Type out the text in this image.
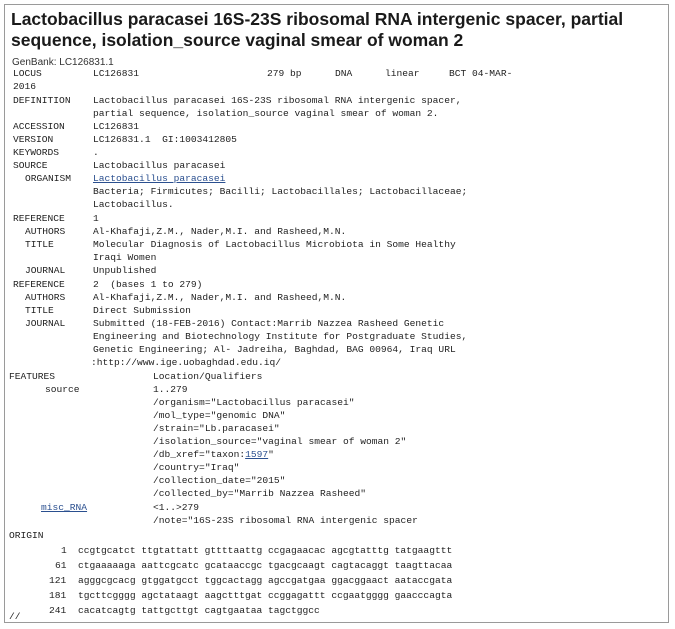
Lactobacillus paracasei 16S-23S ribosomal RNA intergenic spacer, partial sequence, isolation_source vaginal smear of woman 2
GenBank: LC126831.1
LOCUS	LC126831	279 bp	DNA	linear	BCT 04-MAR-
2016
DEFINITION Lactobacillus paracasei 16S-23S ribosomal RNA intergenic spacer,
partial sequence, isolation_source vaginal smear of woman 2.
ACCESSION	LC126831
VERSION	LC126831.1  GI:1003412805
KEYWORDS	.
SOURCE	Lactobacillus paracasei
ORGANISM Lactobacillus paracasei
Bacteria; Firmicutes; Bacilli; Lactobacillales; Lactobacillaceae;
Lactobacillus.
REFERENCE	1
AUTHORS	Al-Khafaji,Z.M., Nader,M.I. and Rasheed,M.N.
TITLE	Molecular Diagnosis of Lactobacillus Microbiota in Some Healthy
Iraqi Women
JOURNAL	Unpublished
REFERENCE	2  (bases 1 to 279)
AUTHORS	Al-Khafaji,Z.M., Nader,M.I. and Rasheed,M.N.
TITLE	Direct Submission
JOURNAL	Submitted (18-FEB-2016) Contact:Marrib Nazzea Rasheed Genetic
Engineering and Biotechnology Institute for Postgraduate Studies,
Genetic Engineering; Al- Jadreiha, Baghdad, BAG 00964, Iraq URL
:http://www.ige.uobaghdad.edu.iq/
FEATURES	Location/Qualifiers
source	1..279
/organism="Lactobacillus paracasei"
/mol_type="genomic DNA"
/strain="Lb.paracasei"
/isolation_source="vaginal smear of woman 2"
/db_xref="taxon:1597"
/country="Iraq"
/collection_date="2015"
/collected_by="Marrib Nazzea Rasheed"
misc_RNA	<1..>279
/note="16S-23S ribosomal RNA intergenic spacer
ORIGIN
1 ccgtgcatct ttgtattatt gttttaattg ccgagaacac agcgtatttg tatgaagttt
61 ctgaaaaaga aattcgcatc gcataaccgc tgacgcaagt cagtacaggt taagttacaa
121 agggcgcacg gtggatgcct tggcactagg agccgatgaa ggacggaact aataccgata
181 tgcttcgggg agctataagt aagctttgat ccggagattt ccgaatgggg gaacccagta
241 cacatcagtg tattgcttgt cagtgaataa tagctggcc
//
